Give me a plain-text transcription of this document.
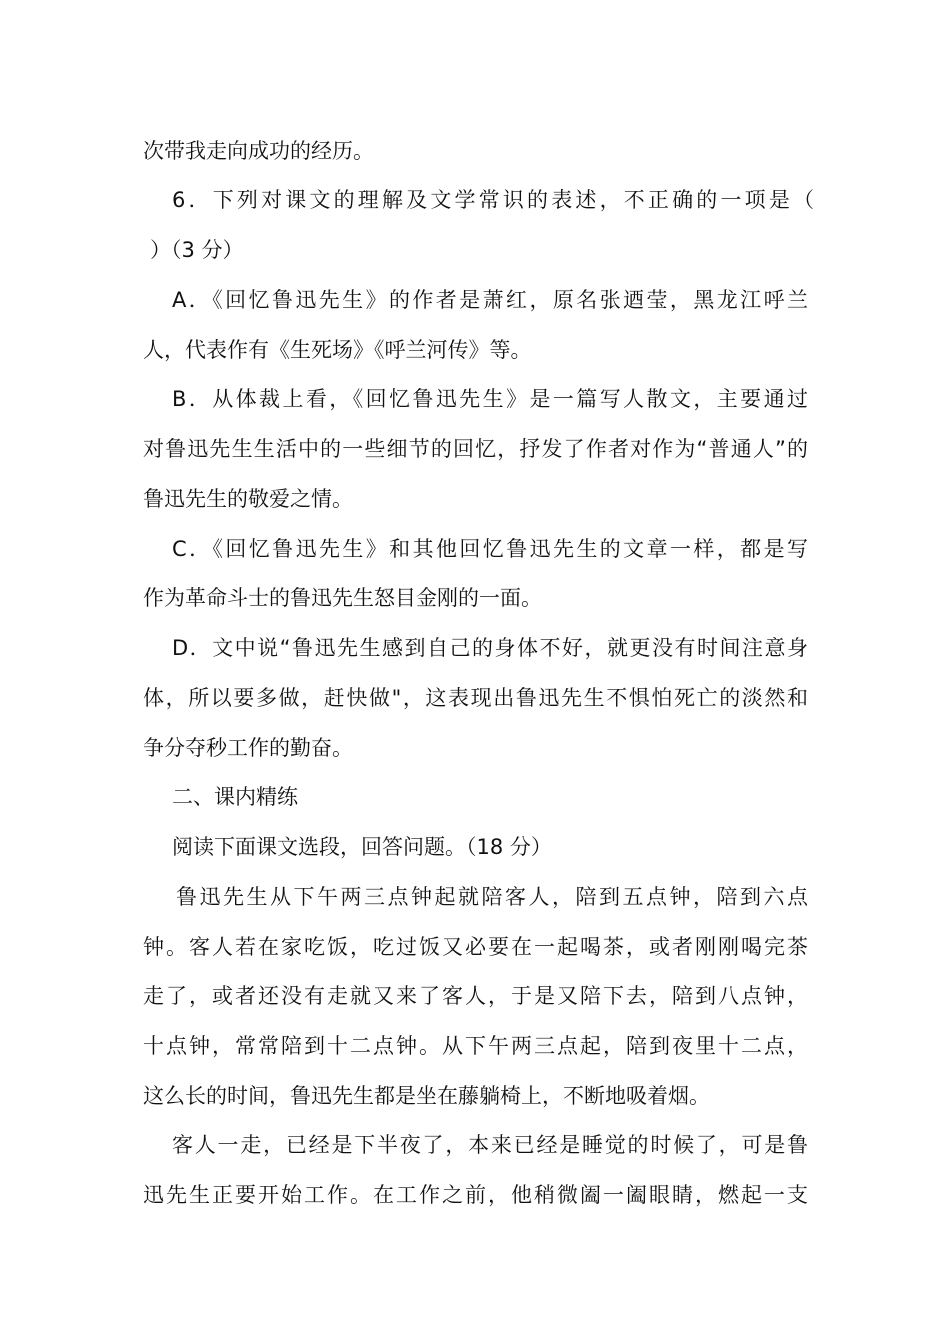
次带我走向成功的经历。
6．下列对课文的理解及文学常识的表述，不正确的一项是（
）（3 分）
A．《回忆鲁迅先生》的作者是萧红，原名张迺莹，黑龙江呼兰
人，代表作有《生死场》《呼兰河传》等。
B．从体裁上看，《回忆鲁迅先生》是一篇写人散文，主要通过
对鲁迅先生生活中的一些细节的回忆，抒发了作者对作为“普通人”的
鲁迅先生的敬爱之情。
C．《回忆鲁迅先生》和其他回忆鲁迅先生的文章一样，都是写
作为革命斗士的鲁迅先生怒目金刚的一面。
D．文中说“鲁迅先生感到自己的身体不好，就更没有时间注意身
体，所以要多做，赶快做"，这表现出鲁迅先生不惧怕死亡的淡然和
争分夺秒工作的勤奋。
二、课内精练
阅读下面课文选段，回答问题。（18 分）
鲁迅先生从下午两三点钟起就陪客人，陪到五点钟，陪到六点
钟。客人若在家吃饭，吃过饭又必要在一起喝茶，或者刚刚喝完茶
走了，或者还没有走就又来了客人，于是又陪下去，陪到八点钟，
十点钟，常常陪到十二点钟。从下午两三点起，陪到夜里十二点，
这么长的时间，鲁迅先生都是坐在藤躺椅上，不断地吸着烟。
客人一走，已经是下半夜了，本来已经是睡觉的时候了，可是鲁
迅先生正要开始工作。在工作之前，他稍微阖一阖眼睛，燃起一支
